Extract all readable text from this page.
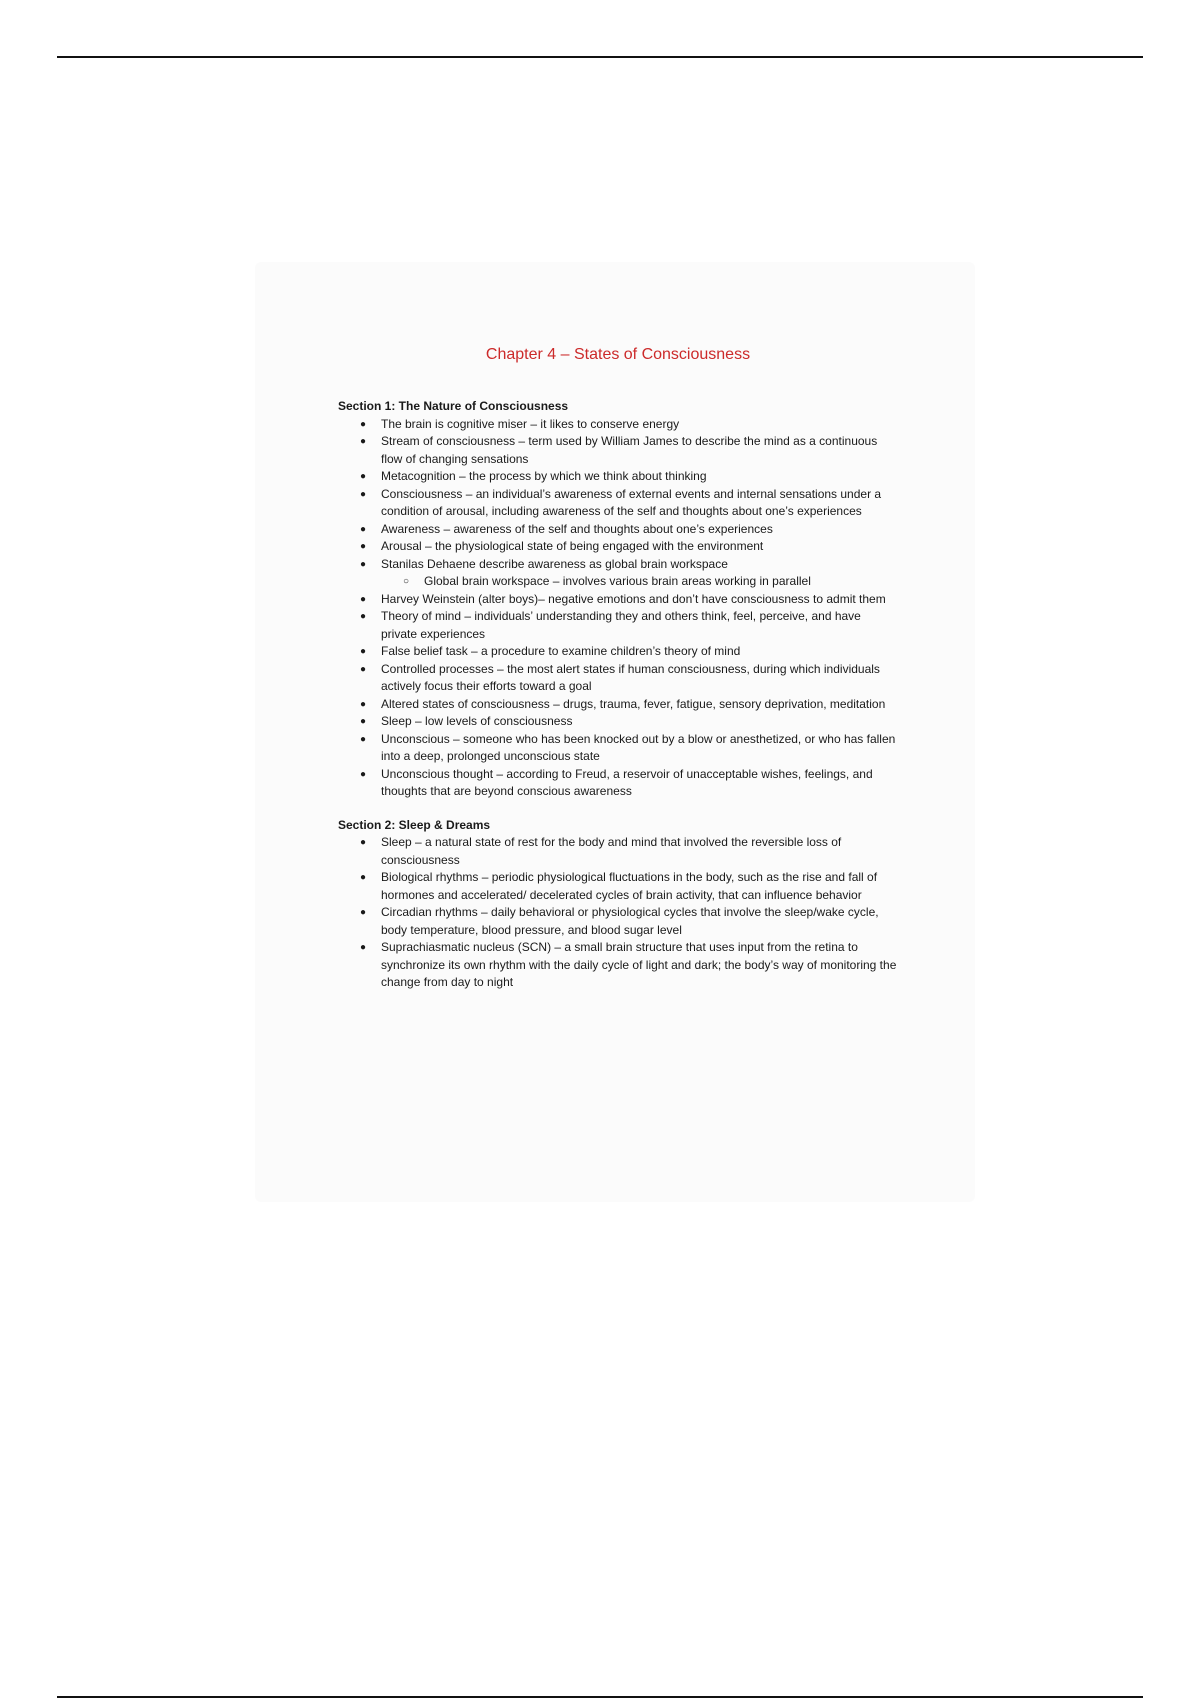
Chapter 4 – States of Consciousness
Section 1: The Nature of Consciousness
● The brain is cognitive miser – it likes to conserve energy
● Stream of consciousness – term used by William James to describe the mind as a continuous flow of changing sensations
● Metacognition – the process by which we think about thinking
● Consciousness – an individual’s awareness of external events and internal sensations under a condition of arousal, including awareness of the self and thoughts about one’s experiences
● Awareness – awareness of the self and thoughts about one’s experiences
● Arousal – the physiological state of being engaged with the environment
● Stanilas Dehaene describe awareness as global brain workspace
○ Global brain workspace – involves various brain areas working in parallel
● Harvey Weinstein (alter boys)– negative emotions and don’t have consciousness to admit them
● Theory of mind – individuals’ understanding they and others think, feel, perceive, and have private experiences
● False belief task – a procedure to examine children’s theory of mind
● Controlled processes – the most alert states if human consciousness, during which individuals actively focus their efforts toward a goal
● Altered states of consciousness – drugs, trauma, fever, fatigue, sensory deprivation, meditation
● Sleep – low levels of consciousness
● Unconscious – someone who has been knocked out by a blow or anesthetized, or who has fallen into a deep, prolonged unconscious state
● Unconscious thought – according to Freud, a reservoir of unacceptable wishes, feelings, and thoughts that are beyond conscious awareness
Section 2: Sleep & Dreams
● Sleep – a natural state of rest for the body and mind that involved the reversible loss of consciousness
● Biological rhythms – periodic physiological fluctuations in the body, such as the rise and fall of hormones and accelerated/ decelerated cycles of brain activity, that can influence behavior
● Circadian rhythms – daily behavioral or physiological cycles that involve the sleep/wake cycle, body temperature, blood pressure, and blood sugar level
● Suprachiasmatic nucleus (SCN) – a small brain structure that uses input from the retina to synchronize its own rhythm with the daily cycle of light and dark; the body’s way of monitoring the change from day to night
